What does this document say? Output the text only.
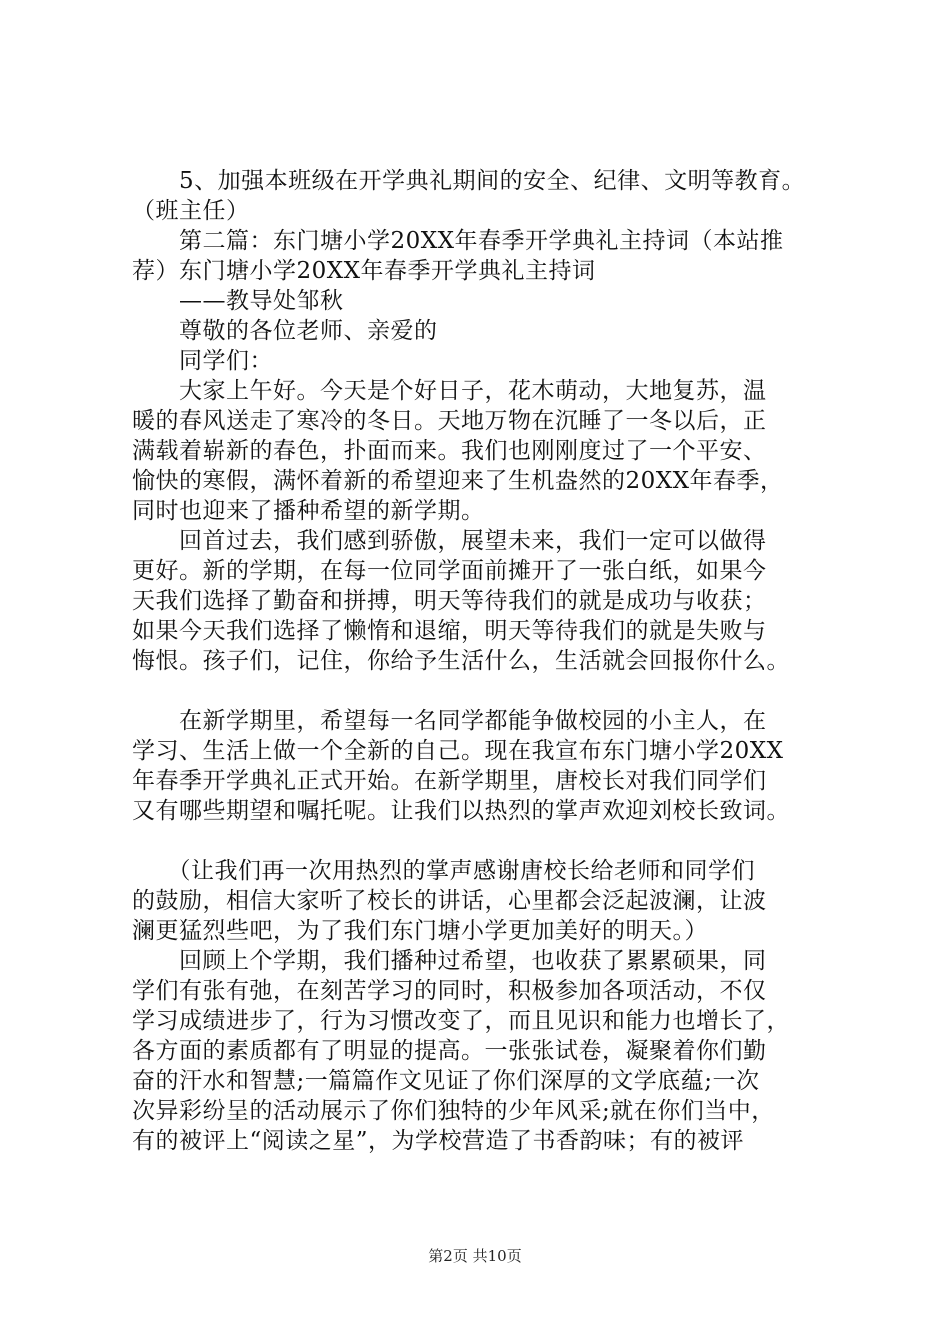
　　5、加强本班级在开学典礼期间的安全、纪律、文明等教育。
（班主任）
　　第二篇：东门塘小学20XX年春季开学典礼主持词（本站推
荐）东门塘小学20XX年春季开学典礼主持词
　　——教导处邹秋
　　尊敬的各位老师、亲爱的
　　同学们：
　　大家上午好。今天是个好日子，花木萌动，大地复苏，温
暖的春风送走了寒冷的冬日。天地万物在沉睡了一冬以后，正
满载着崭新的春色，扑面而来。我们也刚刚度过了一个平安、
愉快的寒假，满怀着新的希望迎来了生机盎然的20XX年春季，
同时也迎来了播种希望的新学期。
　　回首过去，我们感到骄傲，展望未来，我们一定可以做得
更好。新的学期，在每一位同学面前摊开了一张白纸，如果今
天我们选择了勤奋和拼搏，明天等待我们的就是成功与收获；
如果今天我们选择了懒惰和退缩，明天等待我们的就是失败与
悔恨。孩子们，记住，你给予生活什么，生活就会回报你什么。
　　在新学期里，希望每一名同学都能争做校园的小主人，在
学习、生活上做一个全新的自己。现在我宣布东门塘小学20XX
年春季开学典礼正式开始。在新学期里，唐校长对我们同学们
又有哪些期望和嘱托呢。让我们以热烈的掌声欢迎刘校长致词。
　　（让我们再一次用热烈的掌声感谢唐校长给老师和同学们
的鼓励，相信大家听了校长的讲话，心里都会泛起波澜，让波
澜更猛烈些吧，为了我们东门塘小学更加美好的明天。）
　　回顾上个学期，我们播种过希望，也收获了累累硕果，同
学们有张有弛，在刻苦学习的同时，积极参加各项活动，不仅
学习成绩进步了，行为习惯改变了，而且见识和能力也增长了，
各方面的素质都有了明显的提高。一张张试卷，凝聚着你们勤
奋的汗水和智慧;一篇篇作文见证了你们深厚的文学底蕴;一次
次异彩纷呈的活动展示了你们独特的少年风采;就在你们当中，
有的被评上“阅读之星”，为学校营造了书香韵味；有的被评
第2页 共10页
